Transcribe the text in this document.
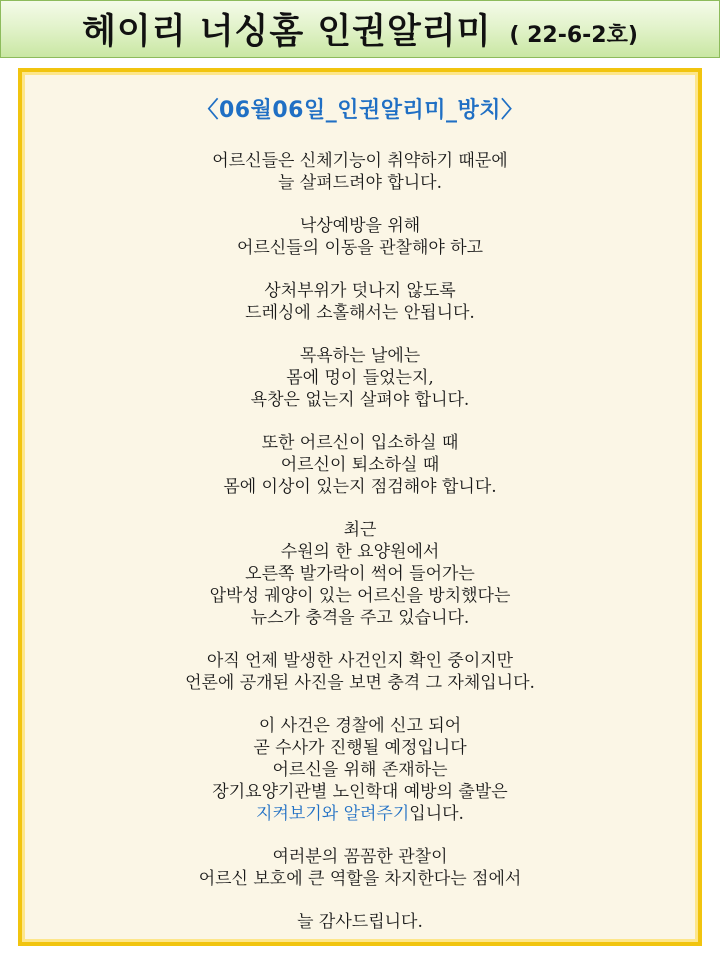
헤이리 너싱홈 인권알리미 ( 22-6-2호)
〈06월06일_인권알리미_방치〉
어르신들은 신체기능이 취약하기 때문에
늘 살펴드려야 합니다.
낙상예방을 위해
어르신들의 이동을 관찰해야 하고
상처부위가 덧나지 않도록
드레싱에 소홀해서는 안됩니다.
목욕하는 날에는
몸에 멍이 들었는지,
욕창은 없는지 살펴야 합니다.
또한 어르신이 입소하실 때
어르신이 퇴소하실 때
몸에 이상이 있는지 점검해야 합니다.
최근
수원의 한 요양원에서
오른쪽 발가락이 썩어 들어가는
압박성 궤양이 있는 어르신을 방치했다는
뉴스가 충격을 주고 있습니다.
아직 언제 발생한 사건인지 확인 중이지만
언론에 공개된 사진을 보면 충격 그 자체입니다.
이 사건은 경찰에 신고 되어
곧 수사가 진행될 예정입니다
어르신을 위해 존재하는
장기요양기관별 노인학대 예방의 출발은
지켜보기와 알려주기입니다.
여러분의 꼼꼼한 관찰이
어르신 보호에 큰 역할을 차지한다는 점에서
늘 감사드립니다.
